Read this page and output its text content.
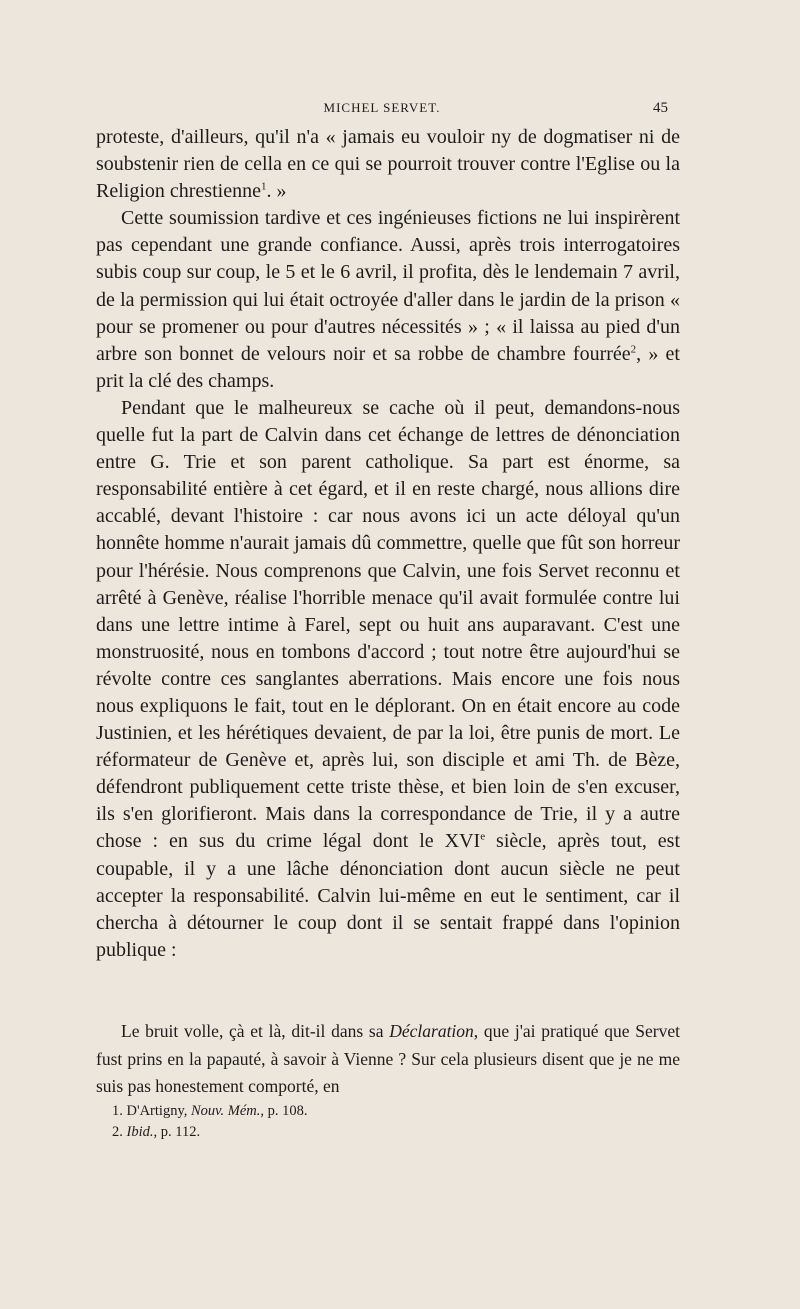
MICHEL SERVET.	45

proteste, d'ailleurs, qu'il n'a « jamais eu vouloir ny de dogmatiser ni de soubstenir rien de cella en ce qui se pourroit trouver contre l'Eglise ou la Religion chrestienne$^1$. »

Cette soumission tardive et ces ingénieuses fictions ne lui inspirèrent pas cependant une grande confiance. Aussi, après trois interrogatoires subis coup sur coup, le 5 et le 6 avril, il profita, dès le lendemain 7 avril, de la permission qui lui était octroyée d'aller dans le jardin de la prison « pour se promener ou pour d'autres nécessités » ; « il laissa au pied d'un arbre son bonnet de velours noir et sa robbe de chambre fourrée$^2$, » et prit la clé des champs.

Pendant que le malheureux se cache où il peut, demandons-nous quelle fut la part de Calvin dans cet échange de lettres de dénonciation entre G. Trie et son parent catholique. Sa part est énorme, sa responsabilité entière à cet égard, et il en reste chargé, nous allions dire accablé, devant l'histoire : car nous avons ici un acte déloyal qu'un honnête homme n'aurait jamais dû commettre, quelle que fût son horreur pour l'hérésie. Nous comprenons que Calvin, une fois Servet reconnu et arrêté à Genève, réalise l'horrible menace qu'il avait formulée contre lui dans une lettre intime à Farel, sept ou huit ans auparavant. C'est une monstruosité, nous en tombons d'accord ; tout notre être aujourd'hui se révolte contre ces sanglantes aberrations. Mais encore une fois nous nous expliquons le fait, tout en le déplorant. On en était encore au code Justinien, et les hérétiques devaient, de par la loi, être punis de mort. Le réformateur de Genève et, après lui, son disciple et ami Th. de Bèze, défendront publiquement cette triste thèse, et bien loin de s'en excuser, ils s'en glorifieront. Mais dans la correspondance de Trie, il y a autre chose : en sus du crime légal dont le XVIe siècle, après tout, est coupable, il y a une lâche dénonciation dont aucun siècle ne peut accepter la responsabilité. Calvin lui-même en eut le sentiment, car il chercha à détourner le coup dont il se sentait frappé dans l'opinion publique :

Le bruit volle, çà et là, dit-il dans sa Déclaration, que j'ai pratiqué que Servet fust prins en la papauté, à savoir à Vienne ? Sur cela plusieurs disent que je ne me suis pas honestement comporté, en

1. D'Artigny, Nouv. Mém., p. 108.
2. Ibid., p. 112.
